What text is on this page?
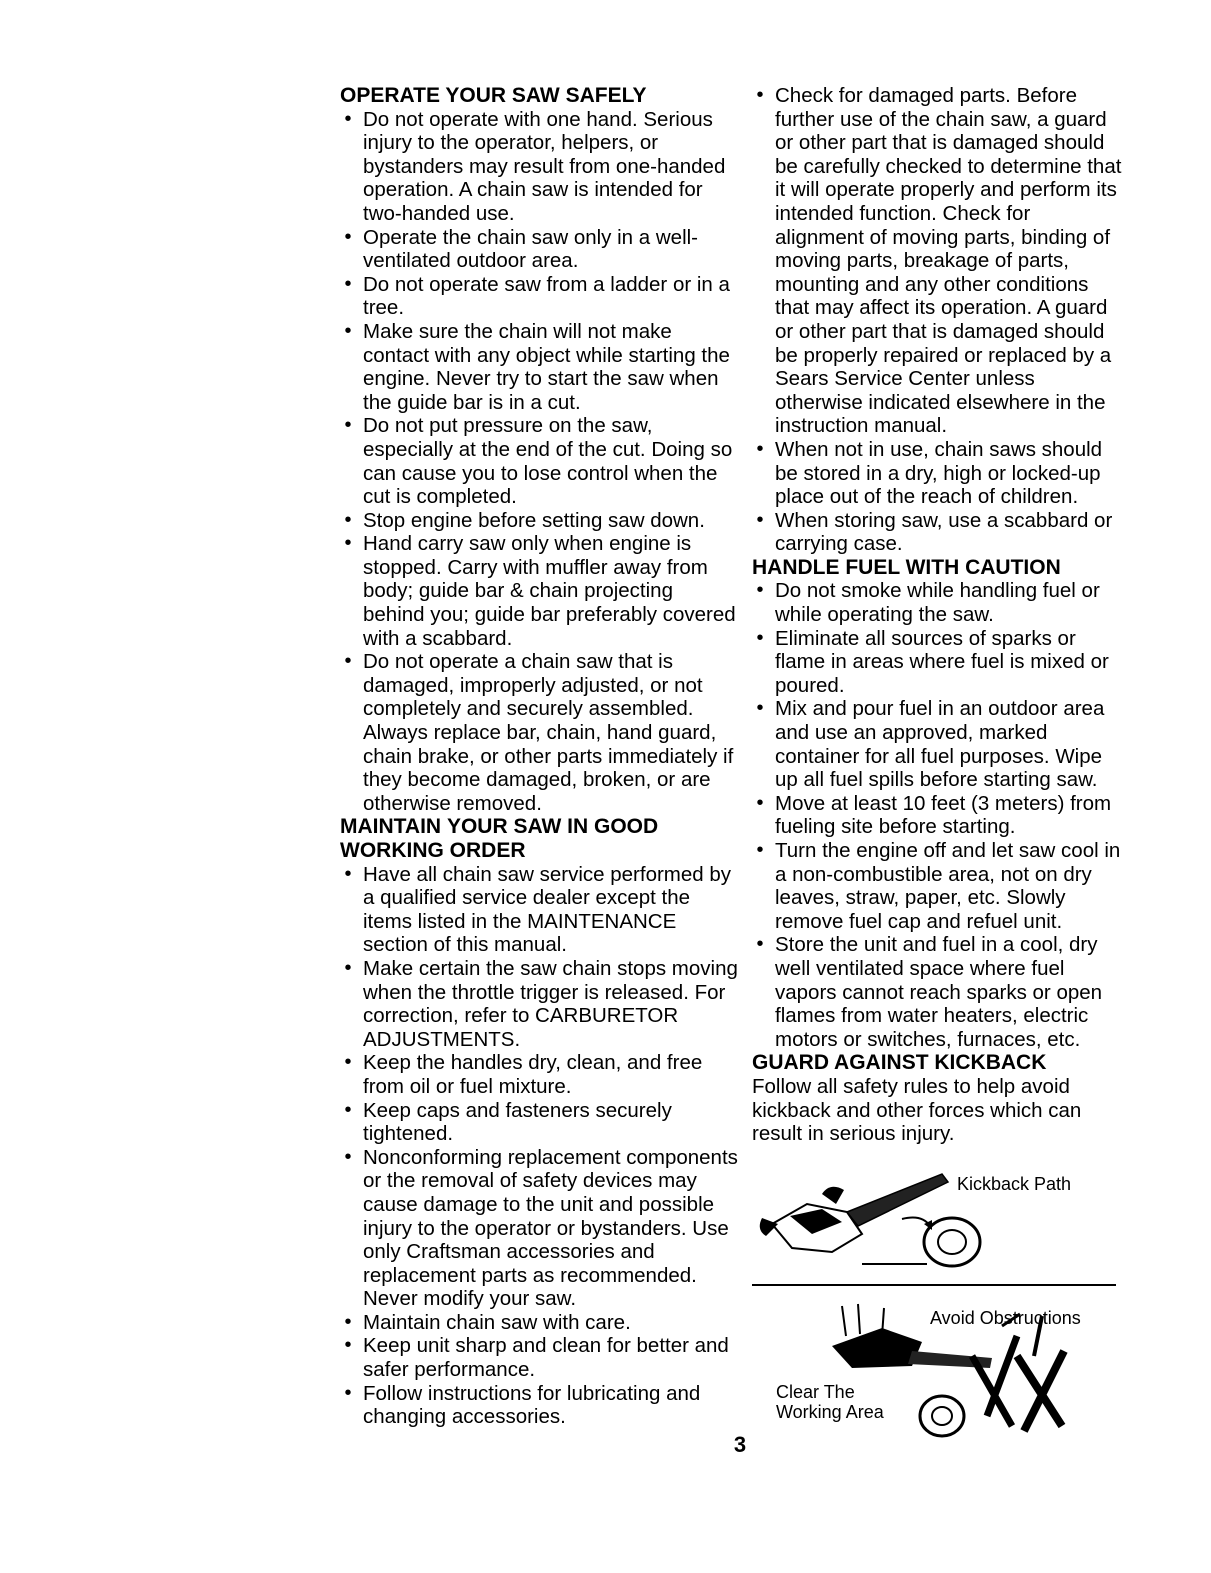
OPERATE YOUR SAW SAFELY
• Do not operate with one hand. Serious injury to the operator, helpers, or bystanders may result from one-handed operation. A chain saw is intended for two-handed use.
• Operate the chain saw only in a well-ventilated outdoor area.
• Do not operate saw from a ladder or in a tree.
• Make sure the chain will not make contact with any object while starting the engine. Never try to start the saw when the guide bar is in a cut.
• Do not put pressure on the saw, especially at the end of the cut. Doing so can cause you to lose control when the cut is completed.
• Stop engine before setting saw down.
• Hand carry saw only when engine is stopped. Carry with muffler away from body; guide bar & chain projecting behind you; guide bar preferably covered with a scabbard.
• Do not operate a chain saw that is damaged, improperly adjusted, or not completely and securely assembled. Always replace bar, chain, hand guard, chain brake, or other parts immediately if they become damaged, broken, or are otherwise removed.
MAINTAIN YOUR SAW IN GOOD
WORKING ORDER
• Have all chain saw service performed by a qualified service dealer except the items listed in the MAINTENANCE section of this manual.
• Make certain the saw chain stops moving when the throttle trigger is released. For correction, refer to CARBURETOR ADJUSTMENTS.
• Keep the handles dry, clean, and free from oil or fuel mixture.
• Keep caps and fasteners securely tightened.
• Nonconforming replacement components or the removal of safety devices may cause damage to the unit and possible injury to the operator or bystanders. Use only Craftsman accessories and replacement parts as recommended. Never modify your saw.
• Maintain chain saw with care.
• Keep unit sharp and clean for better and safer performance.
• Follow instructions for lubricating and changing accessories.
• Check for damaged parts. Before further use of the chain saw, a guard or other part that is damaged should be carefully checked to determine that it will operate properly and perform its intended function. Check for alignment of moving parts, binding of moving parts, breakage of parts, mounting and any other conditions that may affect its operation. A guard or other part that is damaged should be properly repaired or replaced by a Sears Service Center unless otherwise indicated elsewhere in the instruction manual.
• When not in use, chain saws should be stored in a dry, high or locked-up place out of the reach of children.
• When storing saw, use a scabbard or carrying case.
HANDLE FUEL WITH CAUTION
• Do not smoke while handling fuel or while operating the saw.
• Eliminate all sources of sparks or flame in areas where fuel is mixed or poured.
• Mix and pour fuel in an outdoor area and use an approved, marked container for all fuel purposes. Wipe up all fuel spills before starting saw.
• Move at least 10 feet (3 meters) from fueling site before starting.
• Turn the engine off and let saw cool in a non-combustible area, not on dry leaves, straw, paper, etc. Slowly remove fuel cap and refuel unit.
• Store the unit and fuel in a cool, dry well ventilated space where fuel vapors cannot reach sparks or open flames from water heaters, electric motors or switches, furnaces, etc.
GUARD AGAINST KICKBACK

Follow all safety rules to help avoid kickback and other forces which can result in serious injury.

Kickback Path
Avoid Obstructions
Clear The
Working Area
3
